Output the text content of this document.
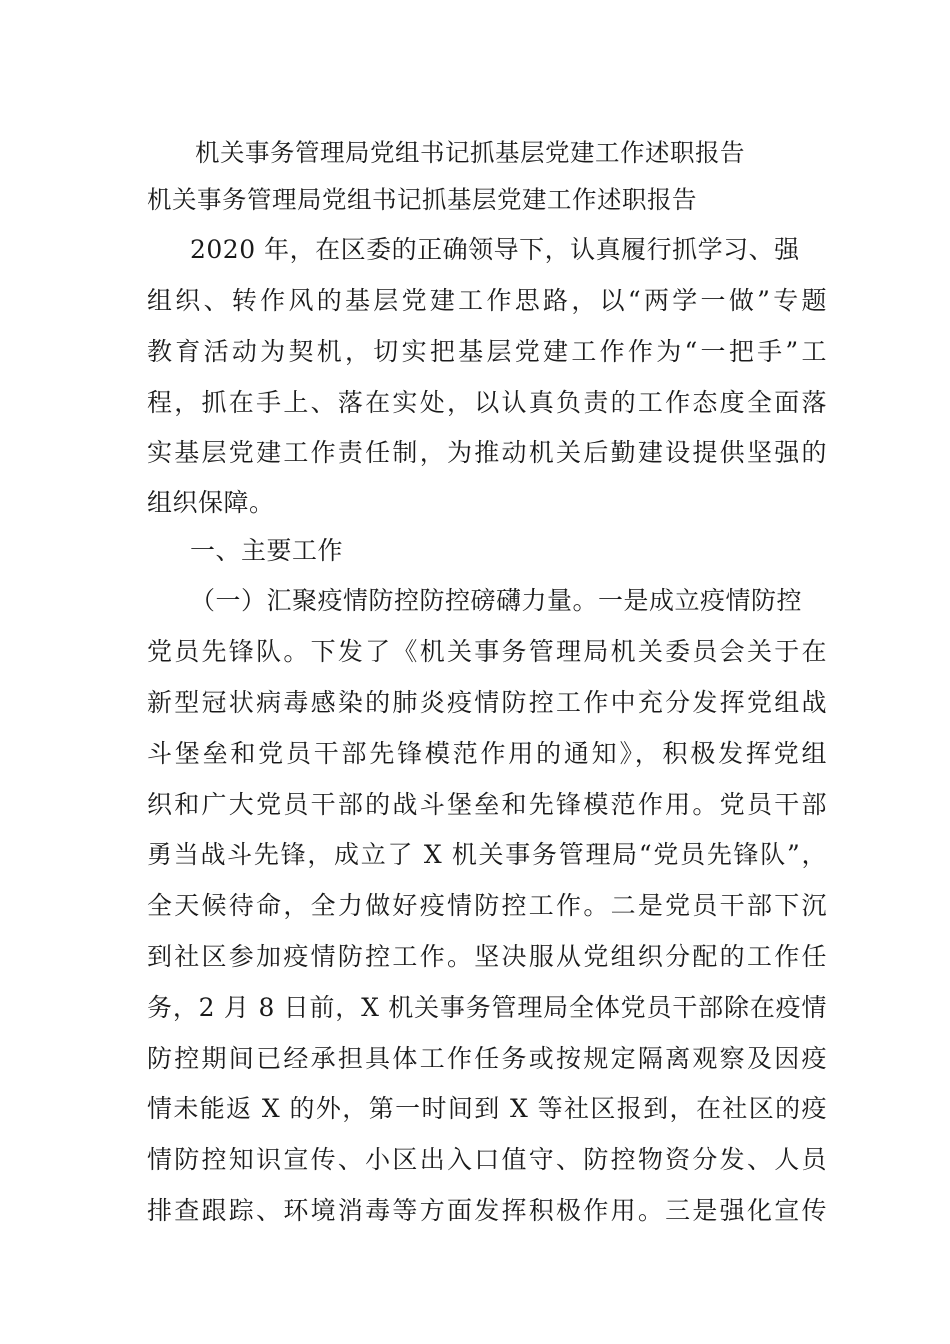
机关事务管理局党组书记抓基层党建工作述职报告
机关事务管理局党组书记抓基层党建工作述职报告
2020 年，在区委的正确领导下，认真履行抓学习、强
组织、转作风的基层党建工作思路，以“两学一做”专题
教育活动为契机，切实把基层党建工作作为“一把手”工
程，抓在手上、落在实处，以认真负责的工作态度全面落
实基层党建工作责任制，为推动机关后勤建设提供坚强的
组织保障。
一、主要工作
（一）汇聚疫情防控防控磅礴力量。一是成立疫情防控
党员先锋队。下发了《机关事务管理局机关委员会关于在
新型冠状病毒感染的肺炎疫情防控工作中充分发挥党组战
斗堡垒和党员干部先锋模范作用的通知》，积极发挥党组
织和广大党员干部的战斗堡垒和先锋模范作用。党员干部
勇当战斗先锋，成立了 X 机关事务管理局“党员先锋队”，
全天候待命，全力做好疫情防控工作。二是党员干部下沉
到社区参加疫情防控工作。坚决服从党组织分配的工作任
务，2 月 8 日前，X 机关事务管理局全体党员干部除在疫情
防控期间已经承担具体工作任务或按规定隔离观察及因疫
情未能返 X 的外，第一时间到 X 等社区报到，在社区的疫
情防控知识宣传、小区出入口值守、防控物资分发、人员
排查跟踪、环境消毒等方面发挥积极作用。三是强化宣传
